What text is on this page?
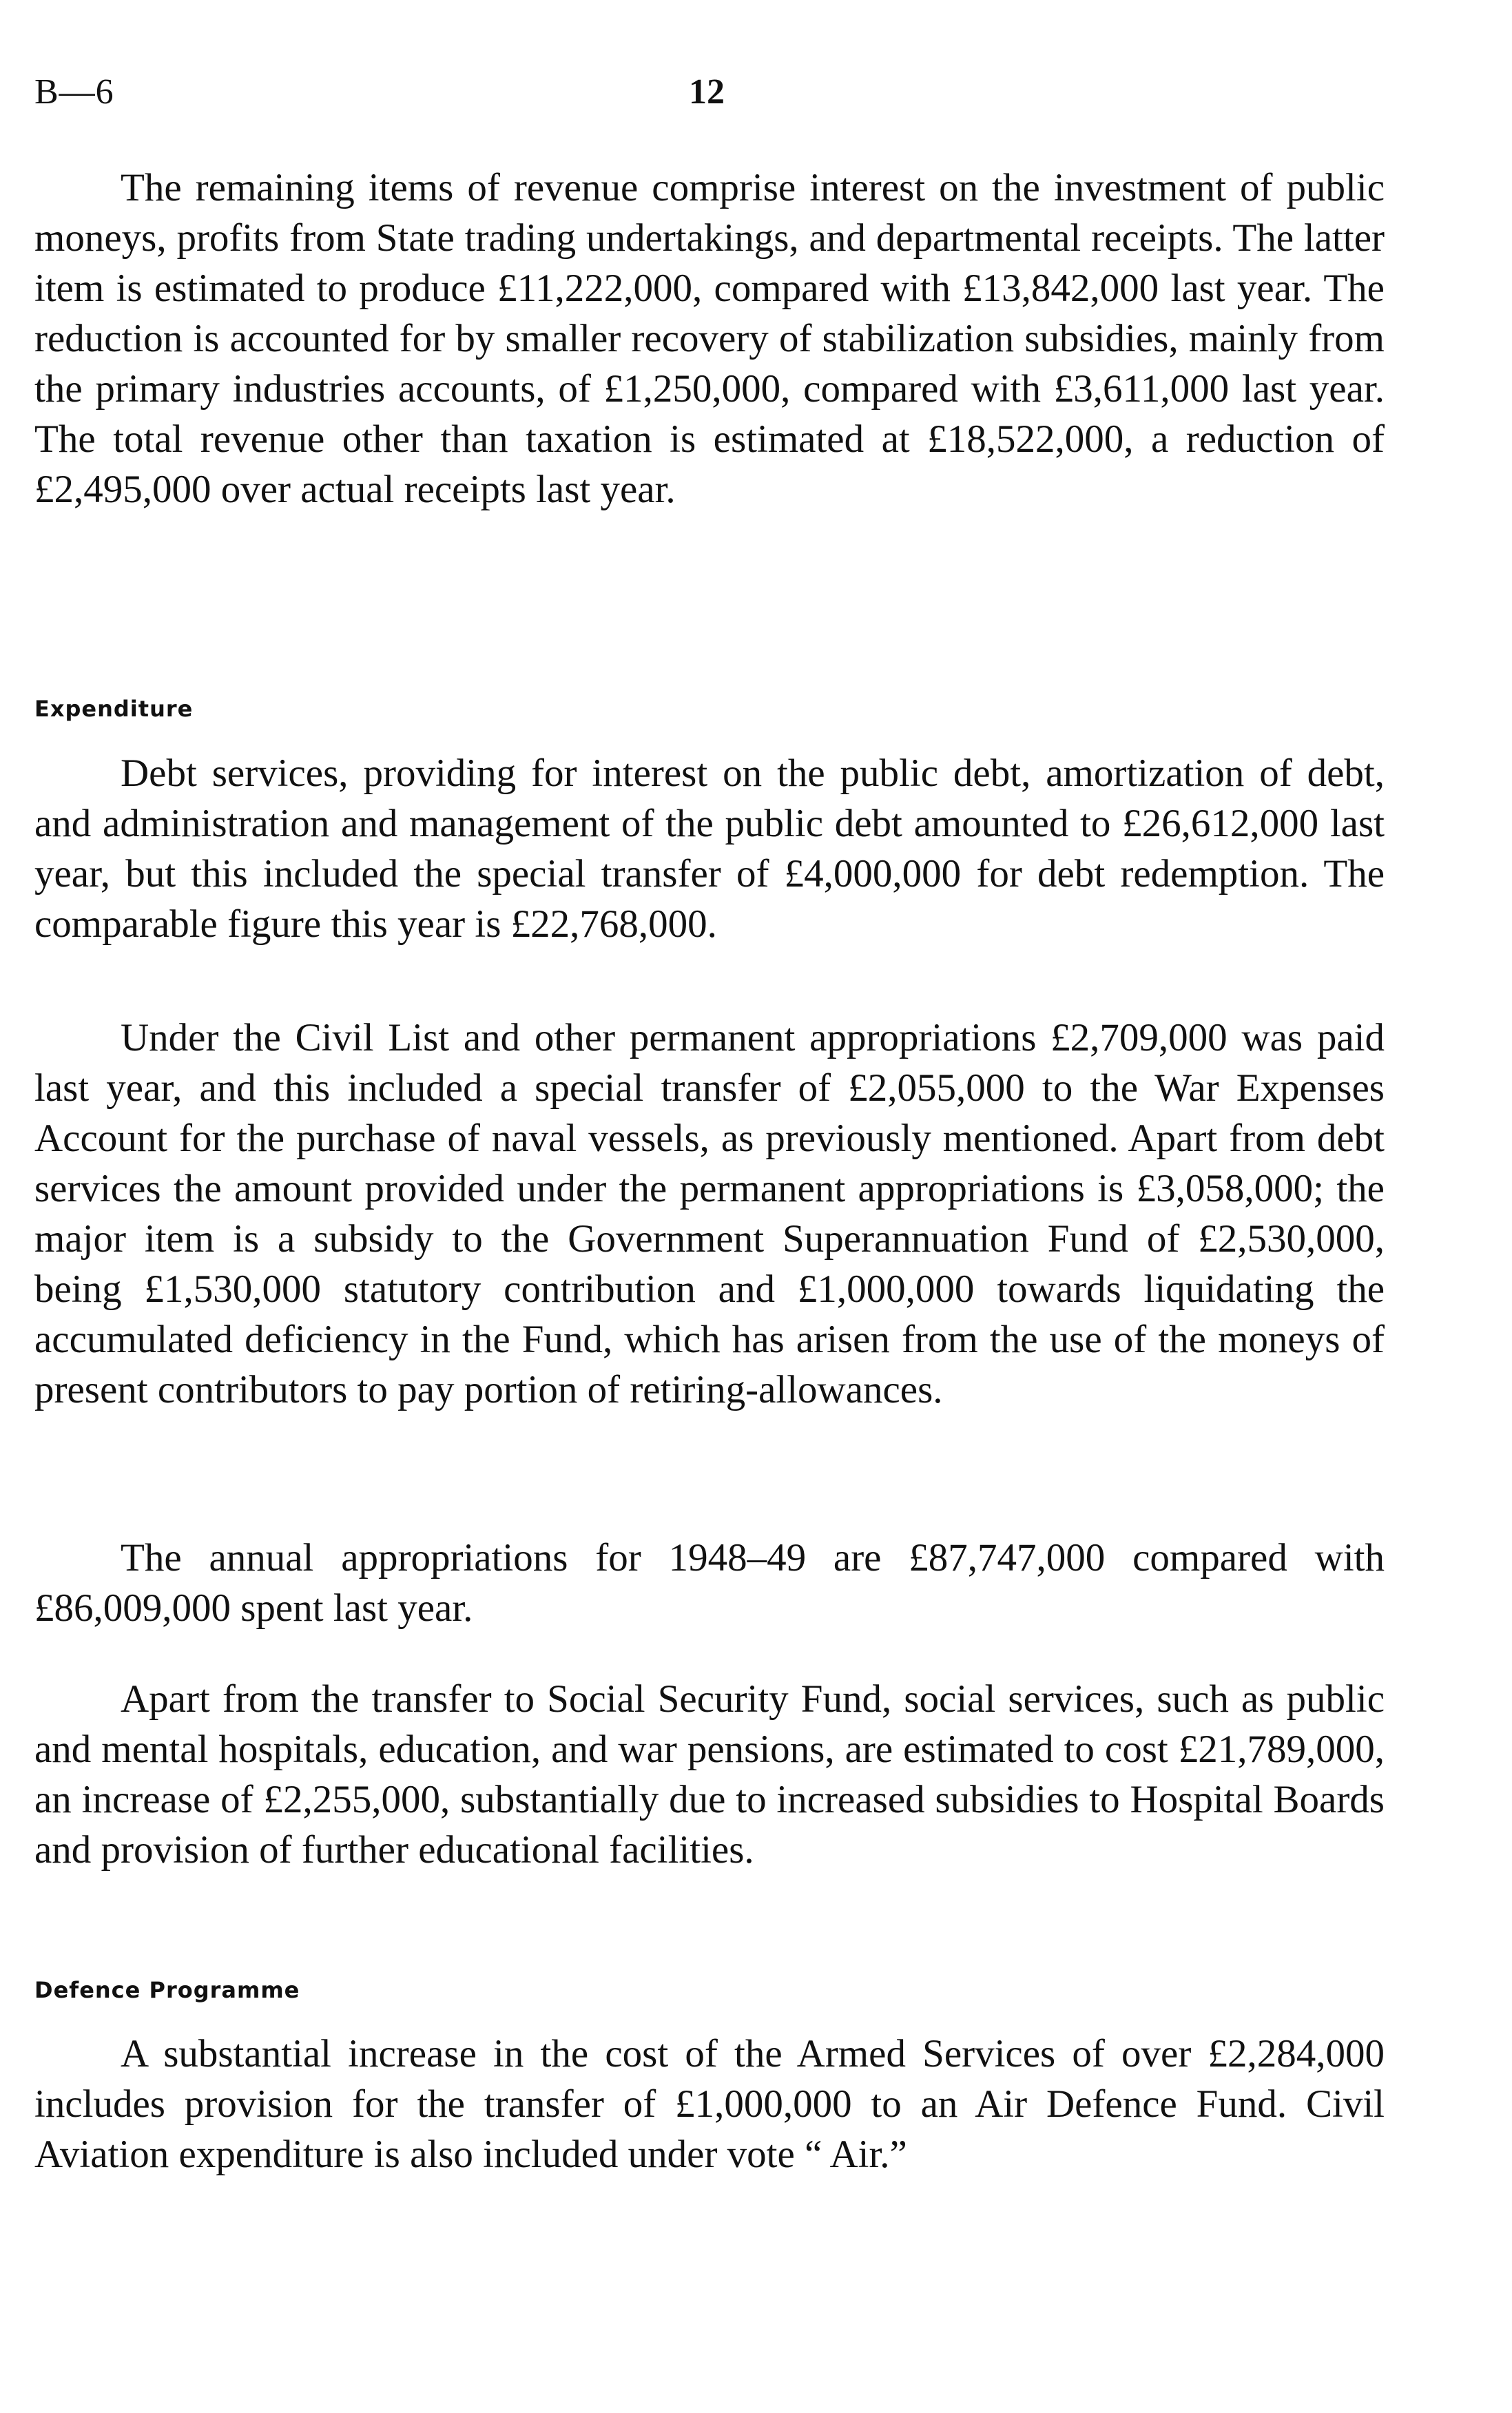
B—6	12

The remaining items of revenue comprise interest on the investment of public moneys, profits from State trading undertakings, and departmental receipts. The latter item is estimated to produce £11,222,000, compared with £13,842,000 last year. The reduction is accounted for by smaller recovery of stabilization subsidies, mainly from the primary industries accounts, of £1,250,000, compared with £3,611,000 last year. The total revenue other than taxation is estimated at £18,522,000, a reduction of £2,495,000 over actual receipts last year.

Expenditure

Debt services, providing for interest on the public debt, amortization of debt, and administration and management of the public debt amounted to £26,612,000 last year, but this included the special transfer of £4,000,000 for debt redemption. The comparable figure this year is £22,768,000.

Under the Civil List and other permanent appropriations £2,709,000 was paid last year, and this included a special transfer of £2,055,000 to the War Expenses Account for the purchase of naval vessels, as previously mentioned. Apart from debt services the amount provided under the permanent appropriations is £3,058,000; the major item is a subsidy to the Government Superannuation Fund of £2,530,000, being £1,530,000 statutory contribution and £1,000,000 towards liquidating the accumulated deficiency in the Fund, which has arisen from the use of the moneys of present contributors to pay portion of retiring-allowances.

The annual appropriations for 1948–49 are £87,747,000 compared with £86,009,000 spent last year.

Apart from the transfer to Social Security Fund, social services, such as public and mental hospitals, education, and war pensions, are estimated to cost £21,789,000, an increase of £2,255,000, substantially due to increased subsidies to Hospital Boards and provision of further educational facilities.

Defence Programme

A substantial increase in the cost of the Armed Services of over £2,284,000 includes provision for the transfer of £1,000,000 to an Air Defence Fund. Civil Aviation expenditure is also included under vote “ Air.”
